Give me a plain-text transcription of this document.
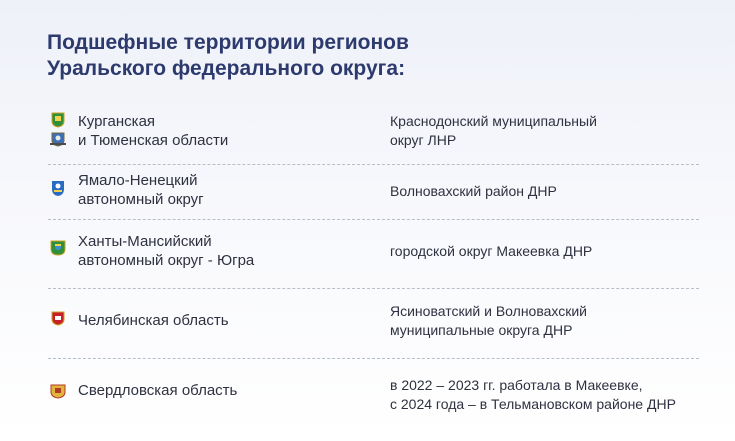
Подшефные территории регионов
Уральского федерального округа:
Курганская
и Тюменская области
Краснодонский муниципальный
округ ЛНР
Ямало-Ненецкий
автономный округ	Волновахский район ДНР
Ханты-Мансийский
автономный округ - Югра
городской округ Макеевка ДНР
Челябинская область
Ясиноватский и Волновахский
муниципальные округа ДНР
Свердловская область	в 2022 – 2023 гг. работала в Макеевке,
с 2024 года – в Тельмановском районе ДНР
